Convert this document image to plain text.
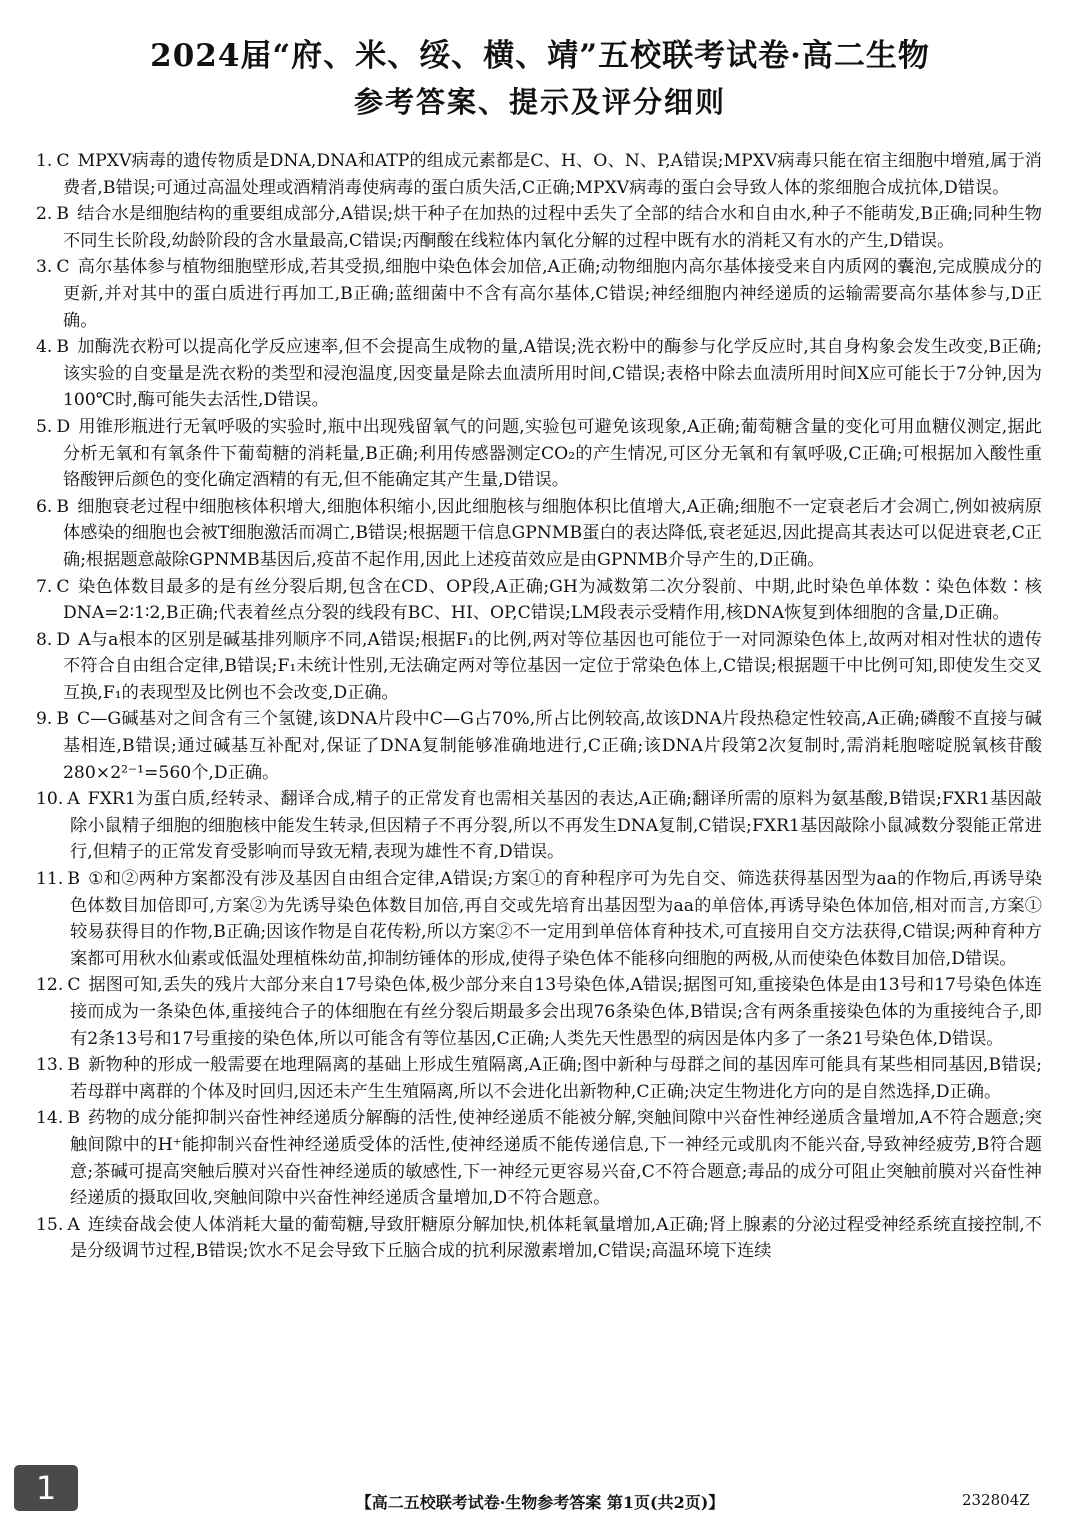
2024届“府、米、绥、横、靖”五校联考试卷·高二生物
参考答案、提示及评分细则
1. C MPXV病毒的遗传物质是DNA,DNA和ATP的组成元素都是C、H、O、N、P,A错误;MPXV病毒只能在宿主细胞中增殖,属于消费者,B错误;可通过高温处理或酒精消毒使病毒的蛋白质失活,C正确;MPXV病毒的蛋白会导致人体的浆细胞合成抗体,D错误。
2. B 结合水是细胞结构的重要组成部分,A错误;烘干种子在加热的过程中丢失了全部的结合水和自由水,种子不能萌发,B正确;同种生物不同生长阶段,幼龄阶段的含水量最高,C错误;丙酮酸在线粒体内氧化分解的过程中既有水的消耗又有水的产生,D错误。
3. C 高尔基体参与植物细胞壁形成,若其受损,细胞中染色体会加倍,A正确;动物细胞内高尔基体接受来自内质网的囊泡,完成膜成分的更新,并对其中的蛋白质进行再加工,B正确;蓝细菌中不含有高尔基体,C错误;神经细胞内神经递质的运输需要高尔基体参与,D正确。
4. B 加酶洗衣粉可以提高化学反应速率,但不会提高生成物的量,A错误;洗衣粉中的酶参与化学反应时,其自身构象会发生改变,B正确;该实验的自变量是洗衣粉的类型和浸泡温度,因变量是除去血渍所用时间,C错误;表格中除去血渍所用时间X应可能长于7分钟,因为100℃时,酶可能失去活性,D错误。
5. D 用锥形瓶进行无氧呼吸的实验时,瓶中出现残留氧气的问题,实验包可避免该现象,A正确;葡萄糖含量的变化可用血糖仪测定,据此分析无氧和有氧条件下葡萄糖的消耗量,B正确;利用传感器测定CO₂的产生情况,可区分无氧和有氧呼吸,C正确;可根据加入酸性重铬酸钾后颜色的变化确定酒精的有无,但不能确定其产生量,D错误。
6. B 细胞衰老过程中细胞核体积增大,细胞体积缩小,因此细胞核与细胞体积比值增大,A正确;细胞不一定衰老后才会凋亡,例如被病原体感染的细胞也会被T细胞激活而凋亡,B错误;根据题干信息GPNMB蛋白的表达降低,衰老延迟,因此提高其表达可以促进衰老,C正确;根据题意敲除GPNMB基因后,疫苗不起作用,因此上述疫苗效应是由GPNMB介导产生的,D正确。
7. C 染色体数目最多的是有丝分裂后期,包含在CD、OP段,A正确;GH为减数第二次分裂前、中期,此时染色单体数∶染色体数∶核DNA=2∶1∶2,B正确;代表着丝点分裂的线段有BC、HI、OP,C错误;LM段表示受精作用,核DNA恢复到体细胞的含量,D正确。
8. D A与a根本的区别是碱基排列顺序不同,A错误;根据F₁的比例,两对等位基因也可能位于一对同源染色体上,故两对相对性状的遗传不符合自由组合定律,B错误;F₁未统计性别,无法确定两对等位基因一定位于常染色体上,C错误;根据题干中比例可知,即使发生交叉互换,F₁的表现型及比例也不会改变,D正确。
9. B C—G碱基对之间含有三个氢键,该DNA片段中C—G占70%,所占比例较高,故该DNA片段热稳定性较高,A正确;磷酸不直接与碱基相连,B错误;通过碱基互补配对,保证了DNA复制能够准确地进行,C正确;该DNA片段第2次复制时,需消耗胞嘧啶脱氧核苷酸280×2²⁻¹=560个,D正确。
10. A FXR1为蛋白质,经转录、翻译合成,精子的正常发育也需相关基因的表达,A正确;翻译所需的原料为氨基酸,B错误;FXR1基因敲除小鼠精子细胞的细胞核中能发生转录,但因精子不再分裂,所以不再发生DNA复制,C错误;FXR1基因敲除小鼠减数分裂能正常进行,但精子的正常发育受影响而导致无精,表现为雄性不育,D错误。
11. B ①和②两种方案都没有涉及基因自由组合定律,A错误;方案①的育种程序可为先自交、筛选获得基因型为aa的作物后,再诱导染色体数目加倍即可,方案②为先诱导染色体数目加倍,再自交或先培育出基因型为aa的单倍体,再诱导染色体加倍,相对而言,方案①较易获得目的作物,B正确;因该作物是自花传粉,所以方案②不一定用到单倍体育种技术,可直接用自交方法获得,C错误;两种育种方案都可用秋水仙素或低温处理植株幼苗,抑制纺锤体的形成,使得子染色体不能移向细胞的两极,从而使染色体数目加倍,D错误。
12. C 据图可知,丢失的残片大部分来自17号染色体,极少部分来自13号染色体,A错误;据图可知,重接染色体是由13号和17号染色体连接而成为一条染色体,重接纯合子的体细胞在有丝分裂后期最多会出现76条染色体,B错误;含有两条重接染色体的为重接纯合子,即有2条13号和17号重接的染色体,所以可能含有等位基因,C正确;人类先天性愚型的病因是体内多了一条21号染色体,D错误。
13. B 新物种的形成一般需要在地理隔离的基础上形成生殖隔离,A正确;图中新种与母群之间的基因库可能具有某些相同基因,B错误;若母群中离群的个体及时回归,因还未产生生殖隔离,所以不会进化出新物种,C正确;决定生物进化方向的是自然选择,D正确。
14. B 药物的成分能抑制兴奋性神经递质分解酶的活性,使神经递质不能被分解,突触间隙中兴奋性神经递质含量增加,A不符合题意;突触间隙中的H⁺能抑制兴奋性神经递质受体的活性,使神经递质不能传递信息,下一神经元或肌肉不能兴奋,导致神经疲劳,B符合题意;茶碱可提高突触后膜对兴奋性神经递质的敏感性,下一神经元更容易兴奋,C不符合题意;毒品的成分可阻止突触前膜对兴奋性神经递质的摄取回收,突触间隙中兴奋性神经递质含量增加,D不符合题意。
15. A 连续奋战会使人体消耗大量的葡萄糖,导致肝糖原分解加快,机体耗氧量增加,A正确;肾上腺素的分泌过程受神经系统直接控制,不是分级调节过程,B错误;饮水不足会导致下丘脑合成的抗利尿激素增加,C错误;高温环境下连续
1	【高二五校联考试卷·生物参考答案 第1页(共2页)】	232804Z
